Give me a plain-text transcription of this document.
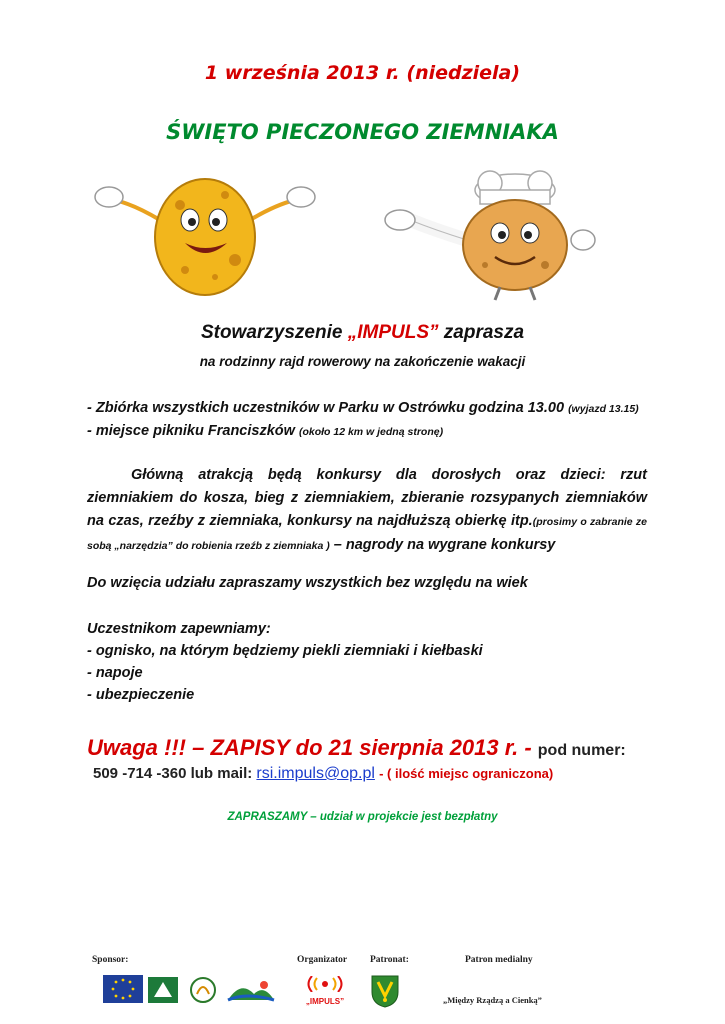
1 września 2013 r. (niedziela)
ŚWIĘTO PIECZONEGO ZIEMNIAKA
Stowarzyszenie „IMPULS” zaprasza
na rodzinny rajd rowerowy na zakończenie wakacji
- Zbiórka wszystkich uczestników w Parku w Ostrówku godzina 13.00 (wyjazd 13.15)
- miejsce pikniku Franciszków (około 12 km w jedną stronę)
Główną atrakcją będą konkursy dla dorosłych oraz dzieci: rzut ziemniakiem do kosza, bieg z ziemniakiem, zbieranie rozsypanych ziemniaków na czas, rzeźby z ziemniaka, konkursy na najdłuższą obierkę itp.(prosimy o zabranie ze sobą „narzędzia” do robienia rzeźb z ziemniaka ) – nagrody na wygrane konkursy
Do wzięcia udziału zapraszamy wszystkich bez względu na wiek
Uczestnikom zapewniamy:
- ognisko, na którym będziemy piekli ziemniaki i kiełbaski
- napoje
- ubezpieczenie
Uwaga !!! – ZAPISY do 21 sierpnia 2013 r. - pod numer:
509 -714 -360 lub mail: rsi.impuls@op.pl - ( ilość miejsc ograniczona)
ZAPRASZAMY – udział w projekcie jest bezpłatny
Sponsor:	Organizator Patronat:	Patron medialny
„IMPULS”	„Między Rządzą a Cienką”
